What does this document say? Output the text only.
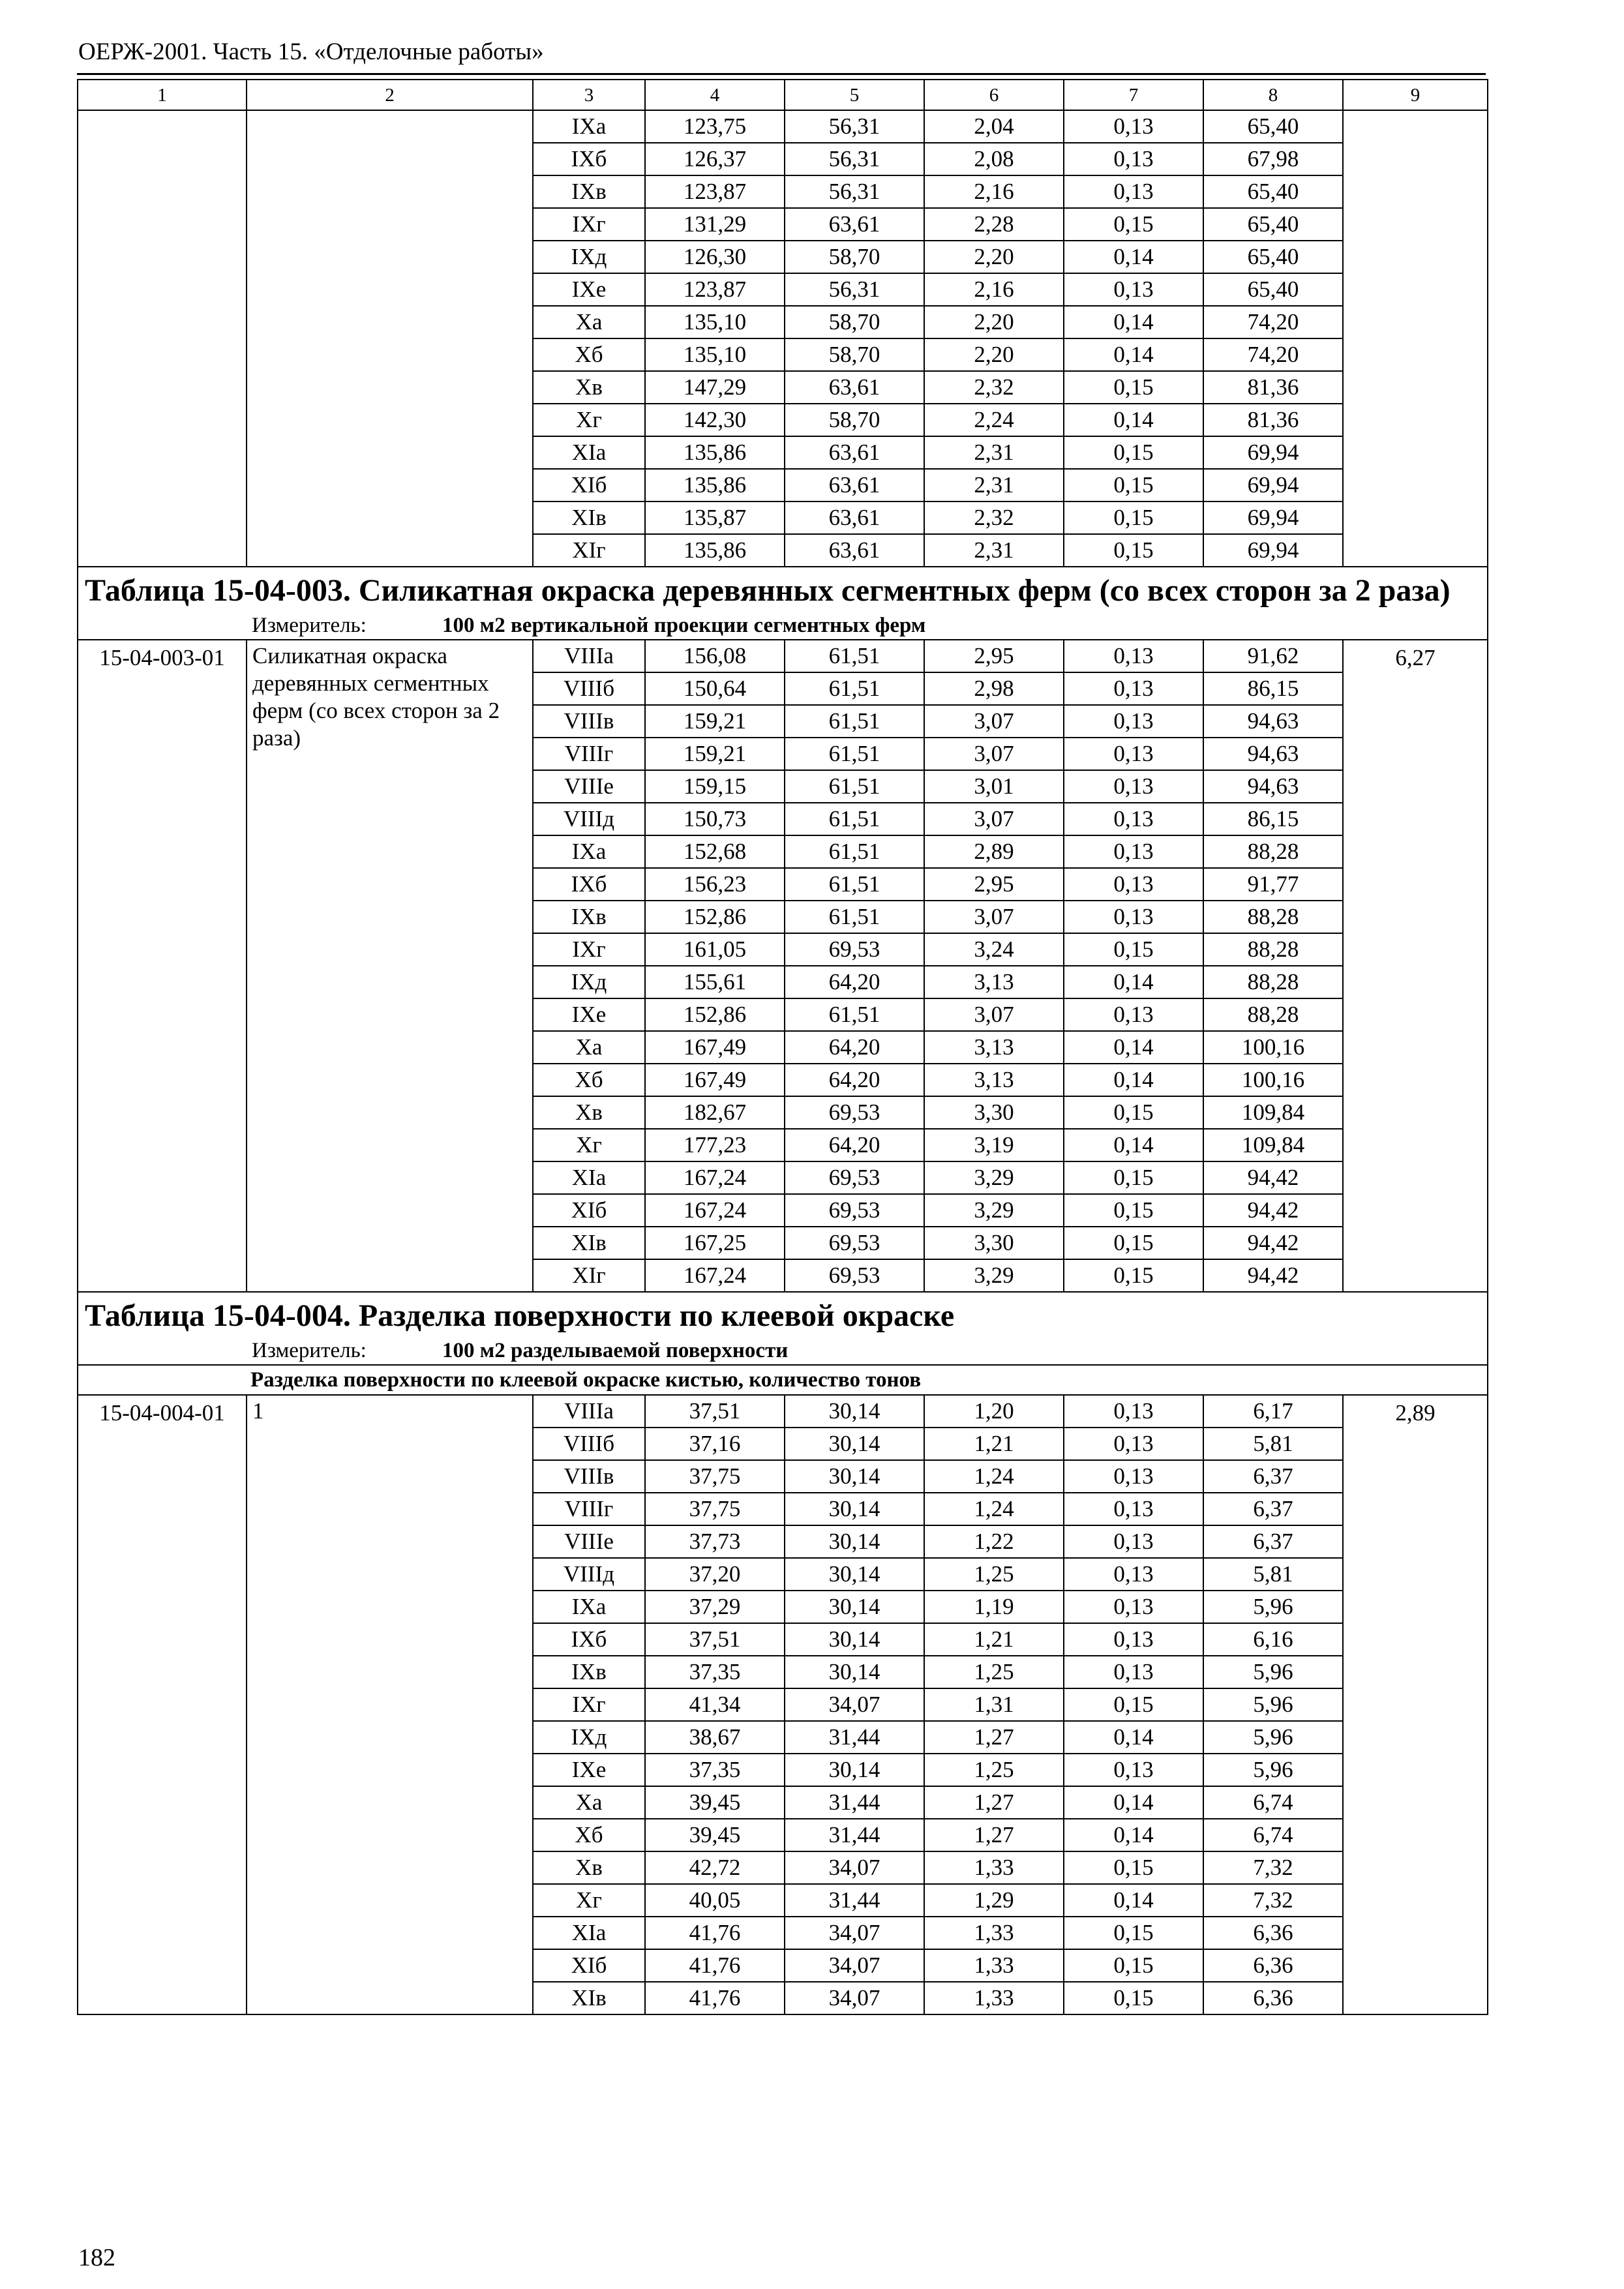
ОЕРЖ-2001. Часть 15. «Отделочные работы»
1	2	3	4	5	6	7	8	9
		IXa	123,75	56,31	2,04	0,13	65,40	
		IXб	126,37	56,31	2,08	0,13	67,98	
		IXв	123,87	56,31	2,16	0,13	65,40	
		IXг	131,29	63,61	2,28	0,15	65,40	
		IXд	126,30	58,70	2,20	0,14	65,40	
		IXe	123,87	56,31	2,16	0,13	65,40	
		Xa	135,10	58,70	2,20	0,14	74,20	
		Xб	135,10	58,70	2,20	0,14	74,20	
		Xв	147,29	63,61	2,32	0,15	81,36	
		Xг	142,30	58,70	2,24	0,14	81,36	
		XIa	135,86	63,61	2,31	0,15	69,94	
		XIб	135,86	63,61	2,31	0,15	69,94	
		XIв	135,87	63,61	2,32	0,15	69,94	
		XIг	135,86	63,61	2,31	0,15	69,94	
Таблица 15-04-003. Силикатная окраска деревянных сегментных ферм (со всех сторон за 2 раза)								
Измеритель: 100 м2 вертикальной проекции сегментных ферм								
15-04-003-01	Силикатная окраска деревянных сегментных ферм (со всех сторон за 2 раза)	VIIIa	156,08	61,51	2,95	0,13	91,62	6,27
		VIIIб	150,64	61,51	2,98	0,13	86,15	
		VIIIв	159,21	61,51	3,07	0,13	94,63	
		VIIIг	159,21	61,51	3,07	0,13	94,63	
		VIIIe	159,15	61,51	3,01	0,13	94,63	
		VIIIд	150,73	61,51	3,07	0,13	86,15	
		IXa	152,68	61,51	2,89	0,13	88,28	
		IXб	156,23	61,51	2,95	0,13	91,77	
		IXв	152,86	61,51	3,07	0,13	88,28	
		IXг	161,05	69,53	3,24	0,15	88,28	
		IXд	155,61	64,20	3,13	0,14	88,28	
		IXe	152,86	61,51	3,07	0,13	88,28	
		Xa	167,49	64,20	3,13	0,14	100,16	
		Xб	167,49	64,20	3,13	0,14	100,16	
		Xв	182,67	69,53	3,30	0,15	109,84	
		Xг	177,23	64,20	3,19	0,14	109,84	
		XIa	167,24	69,53	3,29	0,15	94,42	
		XIб	167,24	69,53	3,29	0,15	94,42	
		XIв	167,25	69,53	3,30	0,15	94,42	
		XIг	167,24	69,53	3,29	0,15	94,42	
Таблица 15-04-004. Разделка поверхности по клеевой окраске								
Измеритель: 100 м2 разделываемой поверхности								
Разделка поверхности по клеевой окраске кистью, количество тонов								
15-04-004-01	1	VIIIa	37,51	30,14	1,20	0,13	6,17	2,89
		VIIIб	37,16	30,14	1,21	0,13	5,81	
		VIIIв	37,75	30,14	1,24	0,13	6,37	
		VIIIг	37,75	30,14	1,24	0,13	6,37	
		VIIIe	37,73	30,14	1,22	0,13	6,37	
		VIIIд	37,20	30,14	1,25	0,13	5,81	
		IXa	37,29	30,14	1,19	0,13	5,96	
		IXб	37,51	30,14	1,21	0,13	6,16	
		IXв	37,35	30,14	1,25	0,13	5,96	
		IXг	41,34	34,07	1,31	0,15	5,96	
		IXд	38,67	31,44	1,27	0,14	5,96	
		IXe	37,35	30,14	1,25	0,13	5,96	
		Xa	39,45	31,44	1,27	0,14	6,74	
		Xб	39,45	31,44	1,27	0,14	6,74	
		Xв	42,72	34,07	1,33	0,15	7,32	
		Xг	40,05	31,44	1,29	0,14	7,32	
		XIa	41,76	34,07	1,33	0,15	6,36	
		XIб	41,76	34,07	1,33	0,15	6,36	
		XIв	41,76	34,07	1,33	0,15	6,36	
182
